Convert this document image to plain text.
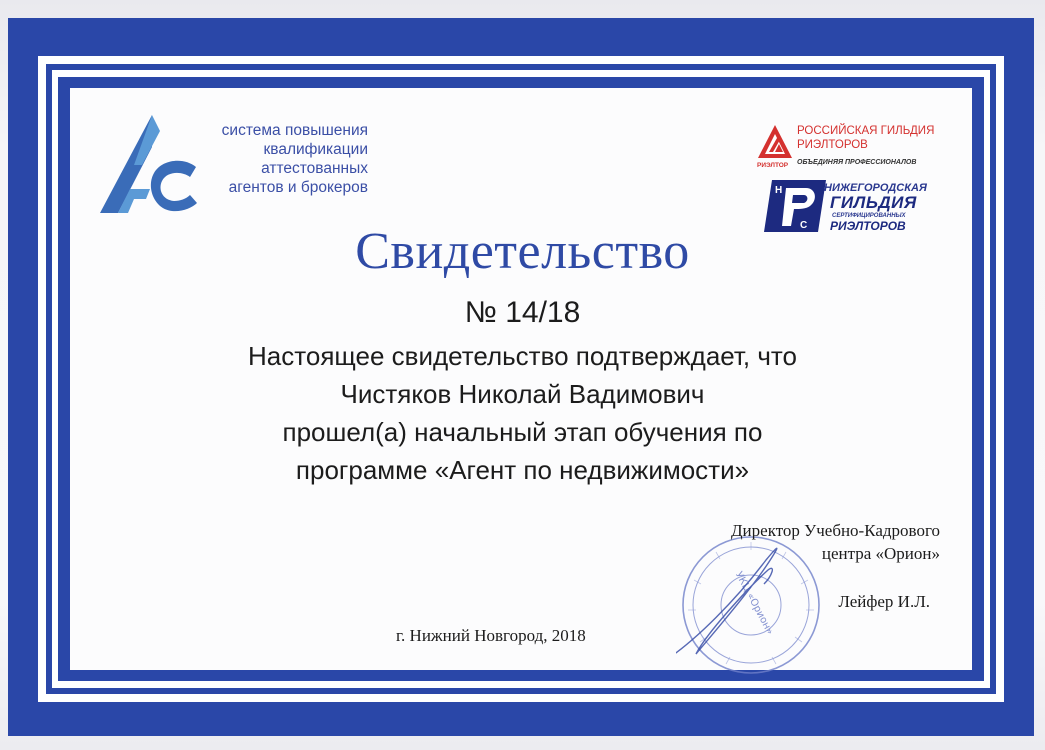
система повышения
квалификации
аттестованных
агентов и брокеров
РИЭЛТОР
РОССИЙСКАЯ ГИЛЬДИЯ
РИЭЛТОРОВ
ОБЪЕДИНЯЯ ПРОФЕССИОНАЛОВ
Н
С
НИЖЕГОРОДСКАЯ
ГИЛЬДИЯ
СЕРТИФИЦИРОВАННЫХ
РИЭЛТОРОВ
Свидетельство
№ 14/18
Настоящее свидетельство подтверждает, что
Чистяков Николай Вадимович
прошел(а) начальный этап обучения по
программе «Агент по недвижимости»
УКЦ «Орион»
Директор Учебно-Кадрового
центра «Орион»
Лейфер И.Л.
г. Нижний Новгород, 2018
